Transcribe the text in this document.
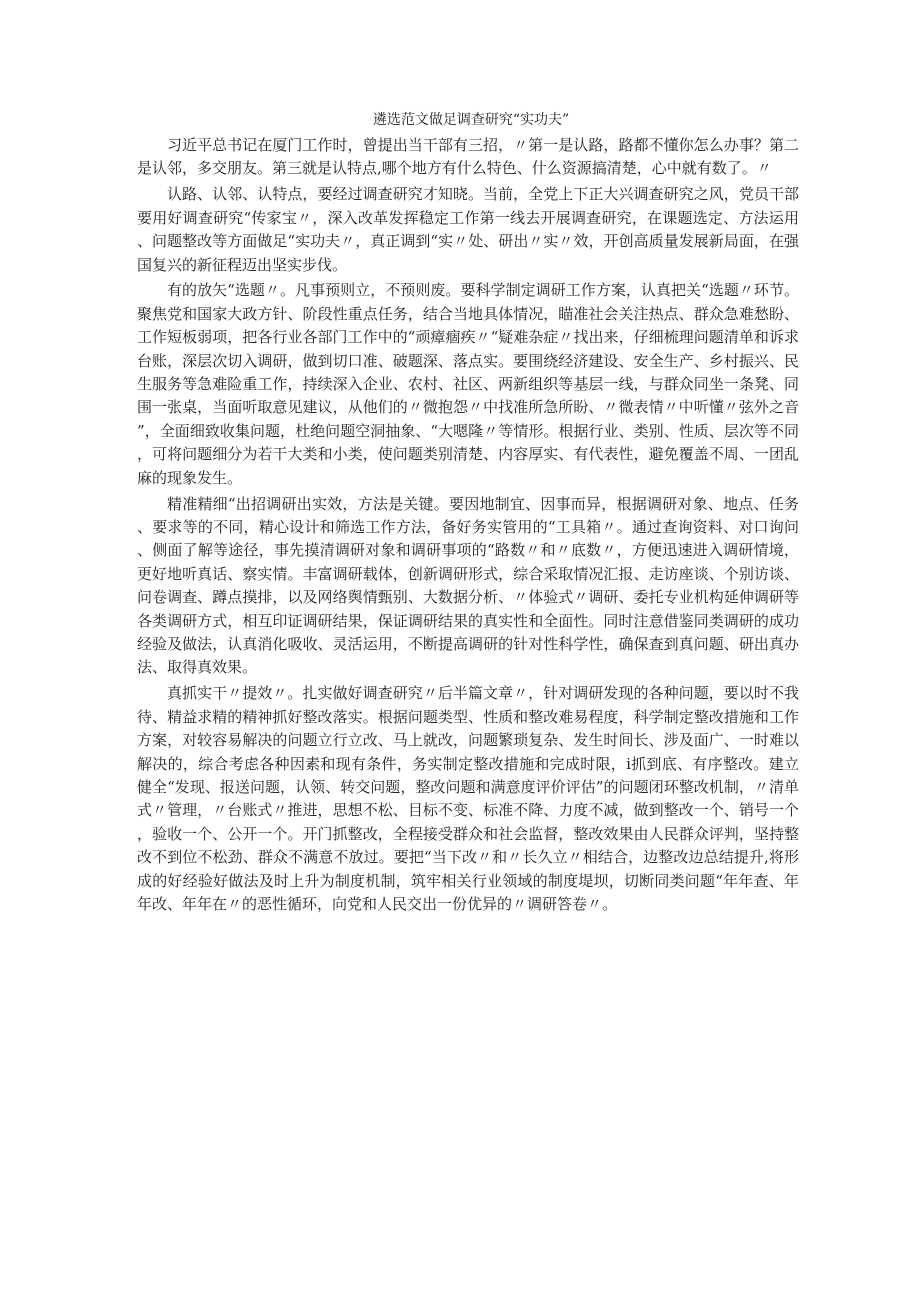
遴选范文做足调查研究“实功夫”

习近平总书记在厦门工作时，曾提出当干部有三招，〃第一是认路，路都不懂你怎么办事？第二是认邻，多交朋友。第三就是认特点,哪个地方有什么特色、什么资源搞清楚，心中就有数了。〃

认路、认邻、认特点，要经过调查研究才知晓。当前，全党上下正大兴调查研究之风，党员干部要用好调查研究“传家宝〃，深入改革发挥稳定工作第一线去开展调查研究，在课题选定、方法运用、问题整改等方面做足“实功夫〃，真正调到“实〃处、研出〃实〃效，开创高质量发展新局面，在强国复兴的新征程迈出坚实步伐。

有的放矢“选题〃。凡事预则立，不预则废。要科学制定调研工作方案，认真把关“选题〃环节。聚焦党和国家大政方针、阶段性重点任务，结合当地具体情况，瞄准社会关注热点、群众急难愁盼、工作短板弱项，把各行业各部门工作中的“顽瘴痼疾〃“疑难杂症〃找出来，仔细梳理问题清单和诉求台账，深层次切入调研，做到切口准、破题深、落点实。要围绕经济建设、安全生产、乡村振兴、民生服务等急难险重工作，持续深入企业、农村、社区、两新组织等基层一线，与群众同坐一条凳、同围一张桌，当面听取意见建议，从他们的〃微抱怨〃中找准所急所盼、〃微表情〃中听懂〃弦外之音”，全面细致收集问题，杜绝问题空洞抽象、“大嗯隆〃等情形。根据行业、类别、性质、层次等不同，可将问题细分为若干大类和小类，使问题类别清楚、内容厚实、有代表性，避免覆盖不周、一团乱麻的现象发生。

精准精细“出招调研出实效，方法是关键。要因地制宜、因事而异，根据调研对象、地点、任务、要求等的不同，精心设计和筛选工作方法，备好务实管用的“工具箱〃。通过查询资料、对口询问、侧面了解等途径，事先摸清调研对象和调研事项的“路数〃和〃底数〃，方便迅速进入调研情境，更好地听真话、察实情。丰富调研载体，创新调研形式，综合采取情况汇报、走访座谈、个别访谈、问卷调查、蹲点摸排，以及网络舆情甄别、大数据分析、〃体验式〃调研、委托专业机构延伸调研等各类调研方式，相互印证调研结果，保证调研结果的真实性和全面性。同时注意借鉴同类调研的成功经验及做法，认真消化吸收、灵活运用，不断提高调研的针对性科学性，确保查到真问题、研出真办法、取得真效果。

真抓实干〃提效〃。扎实做好调查研究〃后半篇文章〃，针对调研发现的各种问题，要以时不我待、精益求精的精神抓好整改落实。根据问题类型、性质和整改难易程度，科学制定整改措施和工作方案，对较容易解决的问题立行立改、马上就改，问题繁琐复杂、发生时间长、涉及面广、一时难以解决的，综合考虑各种因素和现有条件，务实制定整改措施和完成时限，i抓到底、有序整改。建立健全“发现、报送问题，认领、转交问题，整改问题和满意度评价评估”的问题闭环整改机制，〃清单式〃管理，〃台账式〃推进，思想不松、目标不变、标准不降、力度不减，做到整改一个、销号一个，验收一个、公开一个。开门抓整改，全程接受群众和社会监督，整改效果由人民群众评判，坚持整改不到位不松劲、群众不满意不放过。要把“当下改〃和〃长久立〃相结合，边整改边总结提升,将形成的好经验好做法及时上升为制度机制，筑牢相关行业领域的制度堤坝，切断同类问题“年年查、年年改、年年在〃的恶性循环，向党和人民交出一份优异的〃调研答卷〃。
